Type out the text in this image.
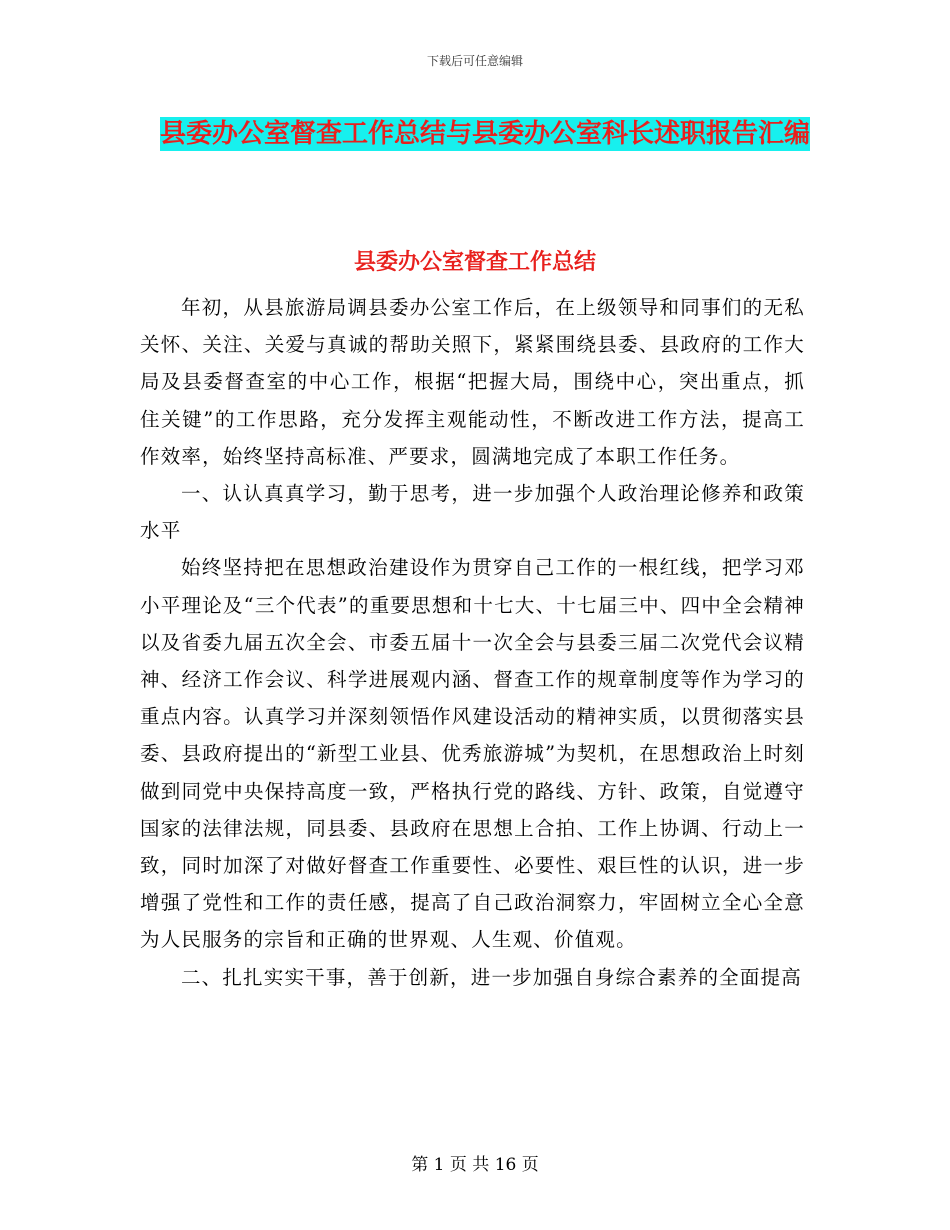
下载后可任意编辑
县委办公室督查工作总结与县委办公室科长述职报告汇编
县委办公室督查工作总结

年初，从县旅游局调县委办公室工作后，在上级领导和同事们的无私关怀、关注、关爱与真诚的帮助关照下，紧紧围绕县委、县政府的工作大局及县委督查室的中心工作，根据“把握大局，围绕中心，突出重点，抓住关键”的工作思路，充分发挥主观能动性，不断改进工作方法，提高工作效率，始终坚持高标准、严要求，圆满地完成了本职工作任务。

一、认认真真学习，勤于思考，进一步加强个人政治理论修养和政策水平

始终坚持把在思想政治建设作为贯穿自己工作的一根红线，把学习邓小平理论及“三个代表”的重要思想和十七大、十七届三中、四中全会精神以及省委九届五次全会、市委五届十一次全会与县委三届二次党代会议精神、经济工作会议、科学进展观内涵、督查工作的规章制度等作为学习的重点内容。认真学习并深刻领悟作风建设活动的精神实质，以贯彻落实县委、县政府提出的“新型工业县、优秀旅游城”为契机，在思想政治上时刻做到同党中央保持高度一致，严格执行党的路线、方针、政策，自觉遵守国家的法律法规，同县委、县政府在思想上合拍、工作上协调、行动上一致，同时加深了对做好督查工作重要性、必要性、艰巨性的认识，进一步增强了党性和工作的责任感，提高了自己政治洞察力，牢固树立全心全意为人民服务的宗旨和正确的世界观、人生观、价值观。

二、扎扎实实干事，善于创新，进一步加强自身综合素养的全面提高

第 1 页 共 16 页
